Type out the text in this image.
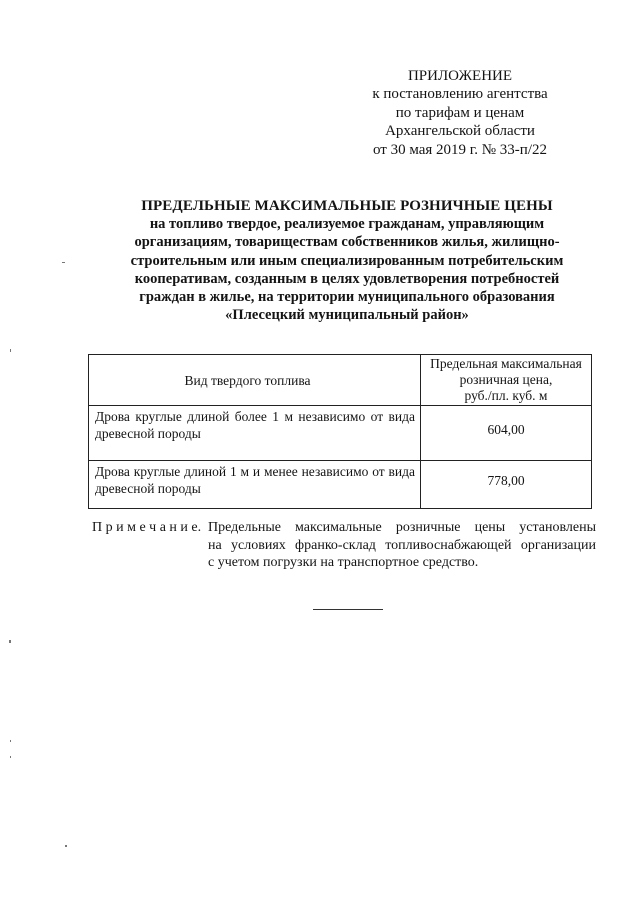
ПРИЛОЖЕНИЕ
к постановлению агентства
по тарифам и ценам
Архангельской области
от 30 мая 2019 г. № 33-п/22
ПРЕДЕЛЬНЫЕ МАКСИМАЛЬНЫЕ РОЗНИЧНЫЕ ЦЕНЫ
на топливо твердое, реализуемое гражданам, управляющим
организациям, товариществам собственников жилья, жилищно-
строительным или иным специализированным потребительским
кооперативам, созданным в целях удовлетворения потребностей
граждан в жилье, на территории муниципального образования
«Плесецкий муниципальный район»
Вид твердого топлива	Предельная максимальная
розничная цена,
руб./пл. куб. м

Дрова круглые длиной более 1 м независимо от вида древесной породы	604,00
Дрова круглые длиной 1 м и менее независимо от вида древесной породы	778,00
П р и м е ч а н и е. Предельные максимальные розничные цены установлены
на условиях франко-склад топливоснабжающей организации
с учетом погрузки на транспортное средство.
